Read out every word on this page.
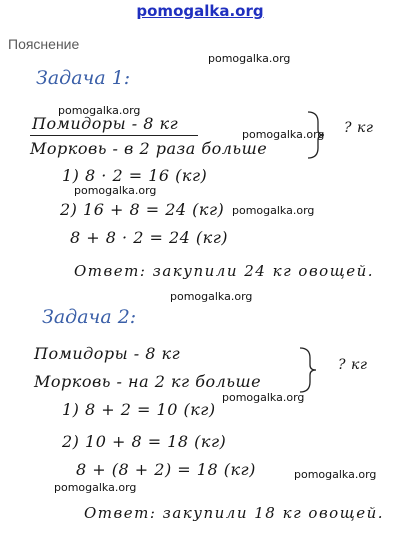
pomogalka.org
Пояснение
Задача 1:
Помидоры - 8 кг
Морковь - в 2 раза больше
? кг
1) 8 · 2 = 16 (кг)
2) 16 + 8 = 24 (кг)
8 + 8 · 2 = 24 (кг)
Ответ: закупили 24 кг овощей.
Задача 2:
Помидоры - 8 кг
Морковь - на 2 кг больше
? кг
1) 8 + 2 = 10 (кг)
2) 10 + 8 = 18 (кг)
8 + (8 + 2) = 18 (кг)
Ответ: закупили 18 кг овощей.
pomogalka.org
pomogalka.org
pomogalka.org
pomogalka.org
pomogalka.org
pomogalka.org
pomogalka.org
pomogalka.org
pomogalka.org
